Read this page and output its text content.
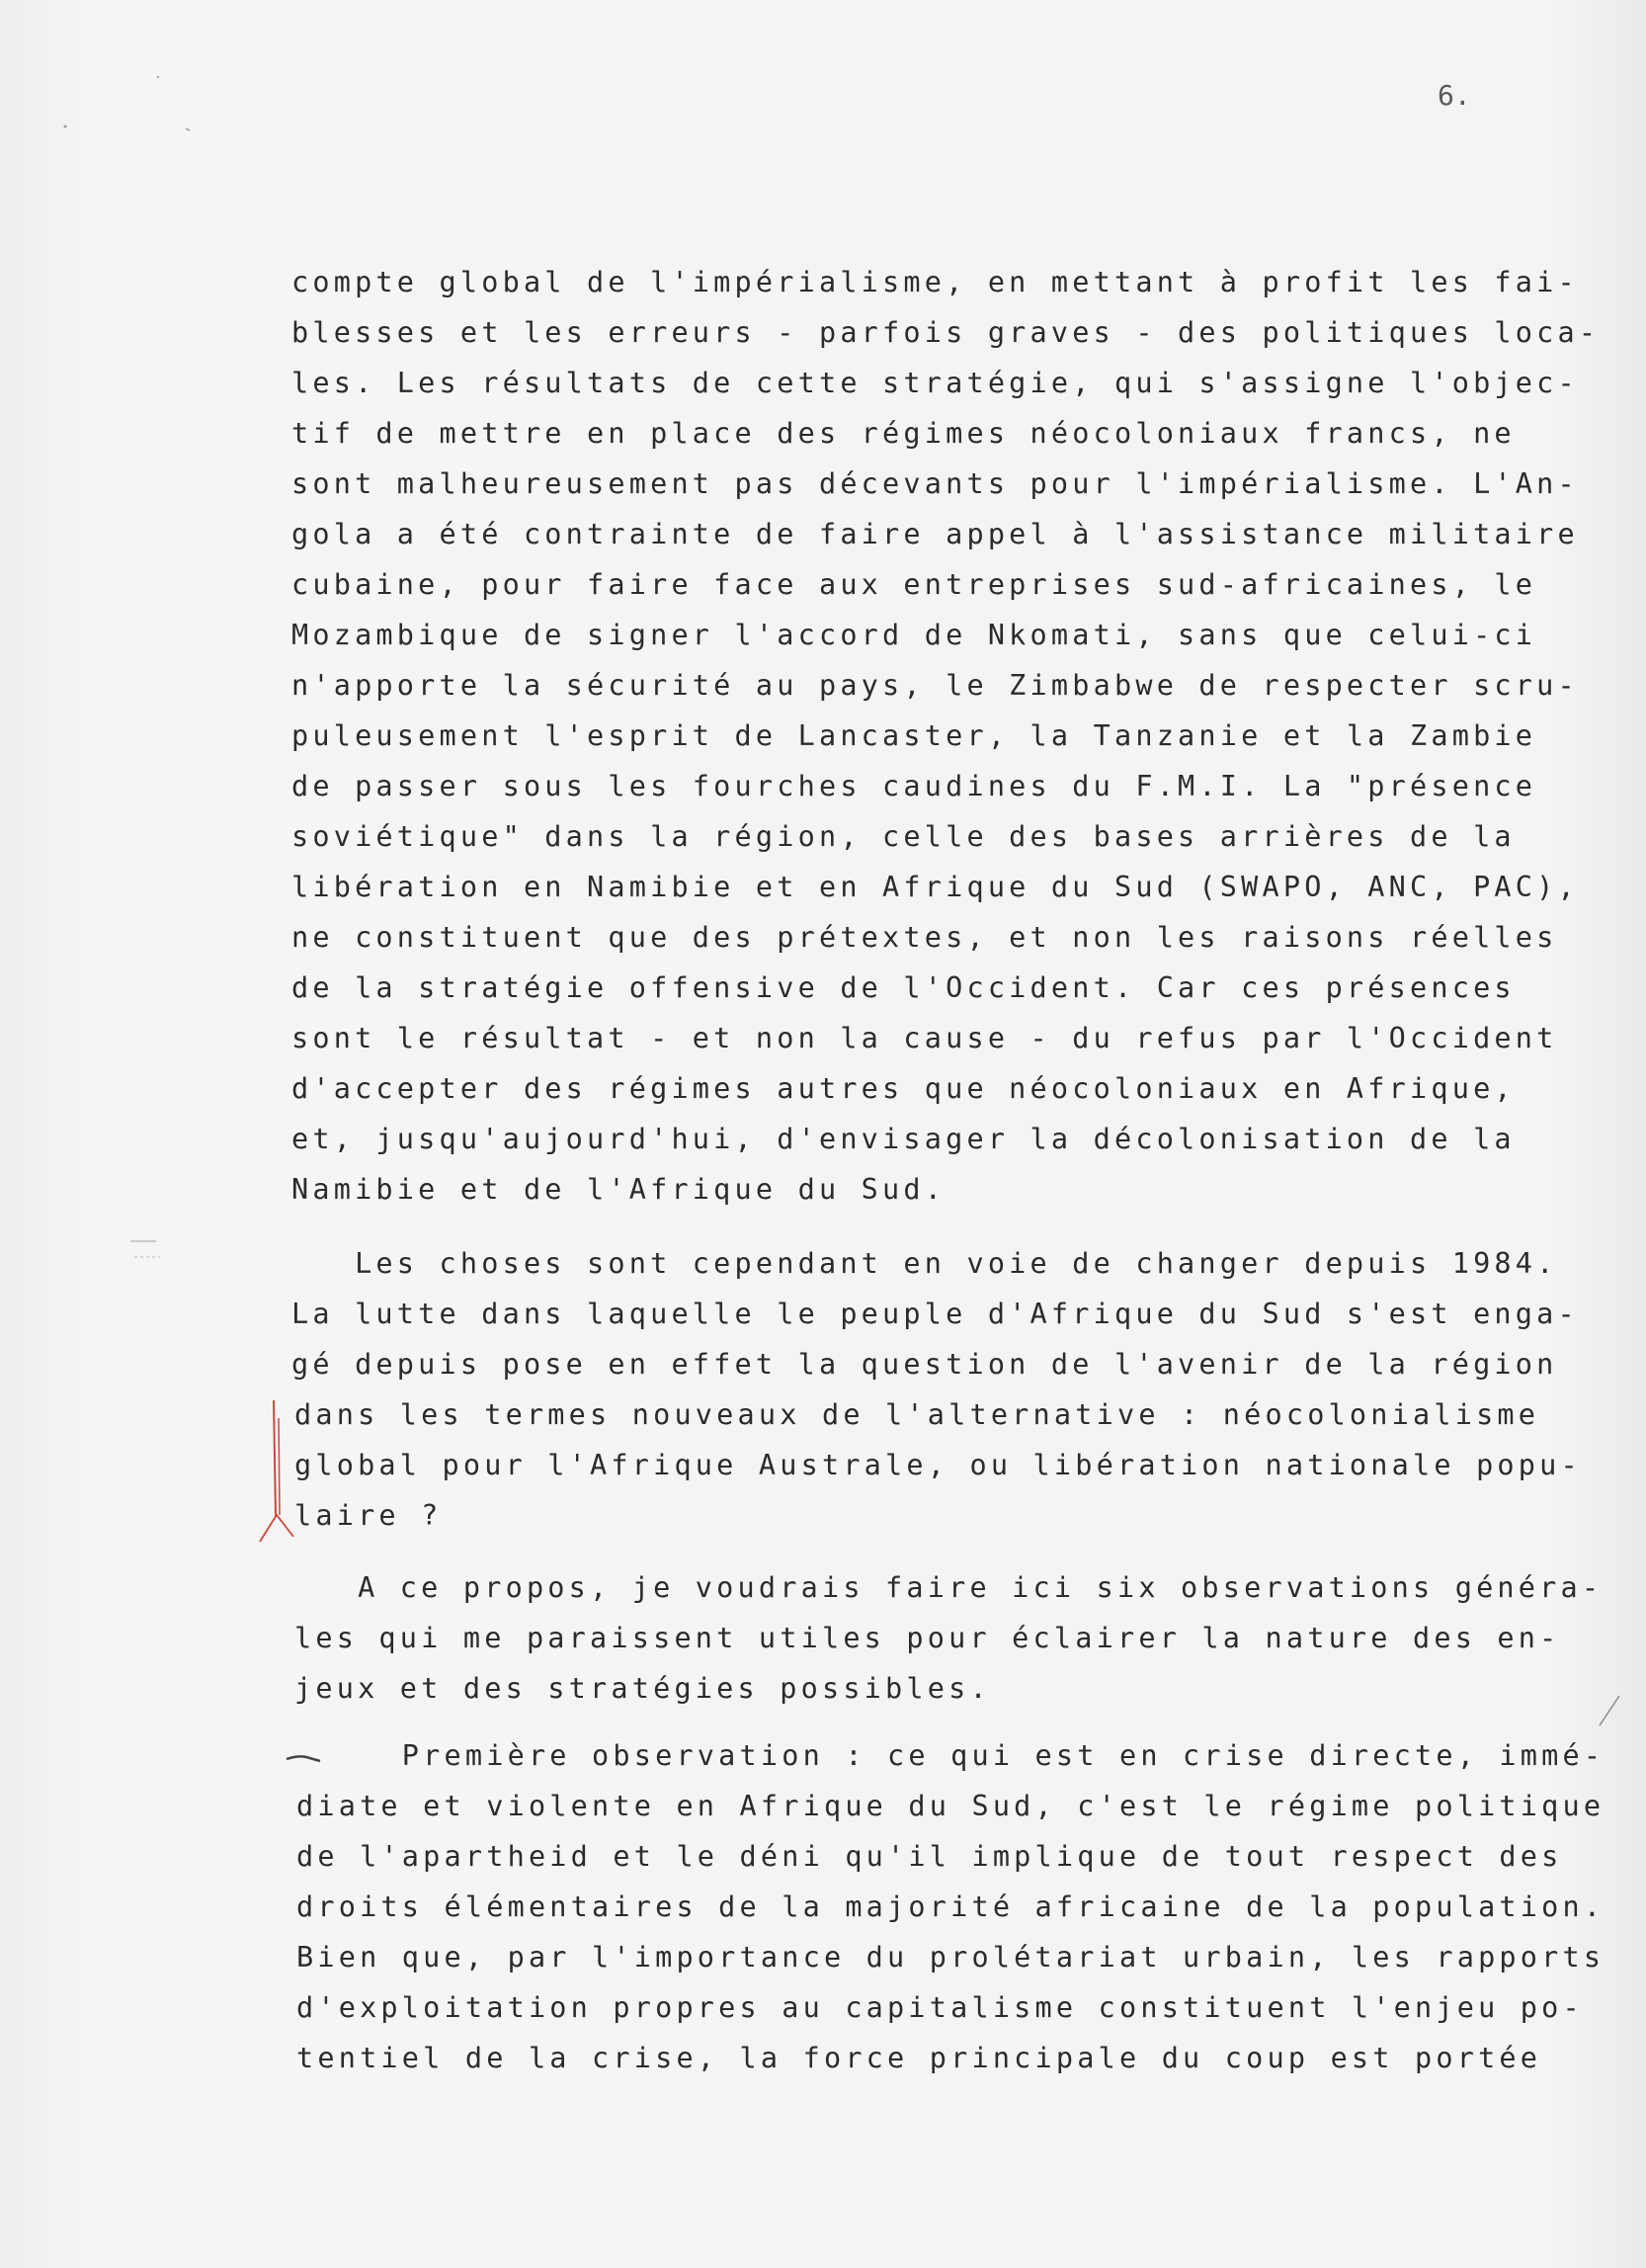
6.
compte global de l'impérialisme, en mettant à profit les fai-
blesses et les erreurs - parfois graves - des politiques loca-
les. Les résultats de cette stratégie, qui s'assigne l'objec-
tif de mettre en place des régimes néocoloniaux francs, ne
sont malheureusement pas décevants pour l'impérialisme. L'An-
gola a été contrainte de faire appel à l'assistance militaire
cubaine, pour faire face aux entreprises sud-africaines, le
Mozambique de signer l'accord de Nkomati, sans que celui-ci
n'apporte la sécurité au pays, le Zimbabwe de respecter scru-
puleusement l'esprit de Lancaster, la Tanzanie et la Zambie
de passer sous les fourches caudines du F.M.I. La "présence
soviétique" dans la région, celle des bases arrières de la
libération en Namibie et en Afrique du Sud (SWAPO, ANC, PAC),
ne constituent que des prétextes, et non les raisons réelles
de la stratégie offensive de l'Occident. Car ces présences
sont le résultat - et non la cause - du refus par l'Occident
d'accepter des régimes autres que néocoloniaux en Afrique,
et, jusqu'aujourd'hui, d'envisager la décolonisation de la
Namibie et de l'Afrique du Sud.
Les choses sont cependant en voie de changer depuis 1984.
La lutte dans laquelle le peuple d'Afrique du Sud s'est enga-
gé depuis pose en effet la question de l'avenir de la région
dans les termes nouveaux de l'alternative : néocolonialisme
global pour l'Afrique Australe, ou libération nationale popu-
laire ?
A ce propos, je voudrais faire ici six observations généra-
les qui me paraissent utiles pour éclairer la nature des en-
jeux et des stratégies possibles.
Première observation : ce qui est en crise directe, immé-
diate et violente en Afrique du Sud, c'est le régime politique
de l'apartheid et le déni qu'il implique de tout respect des
droits élémentaires de la majorité africaine de la population.
Bien que, par l'importance du prolétariat urbain, les rapports
d'exploitation propres au capitalisme constituent l'enjeu po-
tentiel de la crise, la force principale du coup est portée
